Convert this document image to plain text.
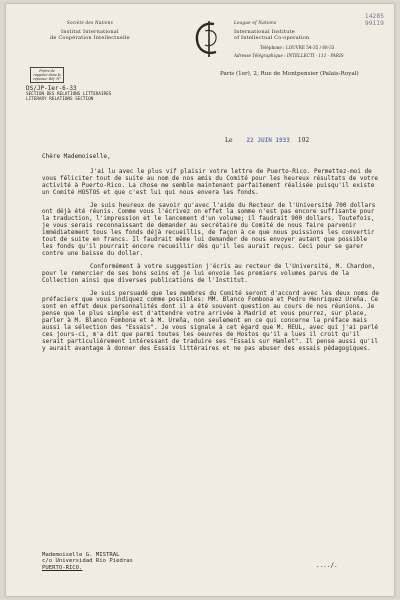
14285
99119
Société des Nations
Institut International
de Coopération Intellectuelle
League of Nations
International Institute
of Intellectual Co-operation
Téléphone : LOUVRE 54-35 / 68-33
Adresse Télégraphique : INTELLECTI - 111 - PARIS
Paris (1er), 2, Rue de Montpensier (Palais-Royal)
Prière de rappeler dans la réponse: Réf. N°
DS/JP-Ier-6-33
SECTION DES RELATIONS LITTERAIRES
LITERARY RELATIONS SECTION
Le 22 JUIN 1933 192

Chère Mademoiselle,

J'ai lu avec le plus vif plaisir votre lettre de Puerto-Rico. Permettez-moi de vous féliciter tout de suite au nom de nos amis du Comité pour les heureux résultats de votre activité à Puerto-Rico. La chose me semble maintenant parfaitement réalisée puisqu'il existe un Comité HOSTOS et que c'est lui qui nous envera les fonds.

Je suis heureux de savoir qu'avec l'aide du Recteur de l'Université 700 dollars ont déjà été réunis. Comme vous l'écrivez on effet la somme n'est pas encore suffisante pour la traduction, l'impression et le lancement d'un volume; il faudrait 900 dollars. Toutefois, je vous serais reconnaissant de demander au secrétaire du Comité de nous faire parvenir immédiatement tous les fonds déjà recueillis, de façon à ce que nous puissions les convertir tout de suite en francs. Il faudrait même lui demander de nous envoyer autant que possible les fonds qu'il pourrait encore recueillir dès qu'il les aurait reçus. Ceci pour se garer contre une baisse du dollar.

Conformément à votre suggestion j'écris au recteur de l'Université, M. Chardon, pour le remercier de ses bons soins et je lui envoie les premiers volumes parus de la Collection ainsi que diverses publications de l'Institut.

Je suis persuadé que les membres du Comité seront d'accord avec les deux noms de préfaciers que vous indiquez comme possibles: MM. Blanco Fombona et Pedro Henriquez Ureña. Ce sont en effet deux personnalités dont il a été souvent question au cours de nos réunions. Je pense que le plus simple est d'attendre votre arrivée à Madrid et vous pourrez, sur place, parler à M. Blanco Fombona et à M. Ureña, non seulement en ce qui concerne la préface mais aussi la sélection des "Essais". Je vous signale à cet égard que M. REUL, avec qui j'ai parlé ces jours-ci, m'a dit que parmi toutes les oeuvres de Hostos qu'il a lues il croit qu'il serait particulièrement intéressant de traduire ses "Essais sur Hamlet". Il pense aussi qu'il y aurait avantage à donner des Essais littéraires et ne pas abuser des essais pédagogiques.

Mademoiselle G. MISTRAL
c/o Universidad Rio Piedras
PUERTO-RICO.	..../.
